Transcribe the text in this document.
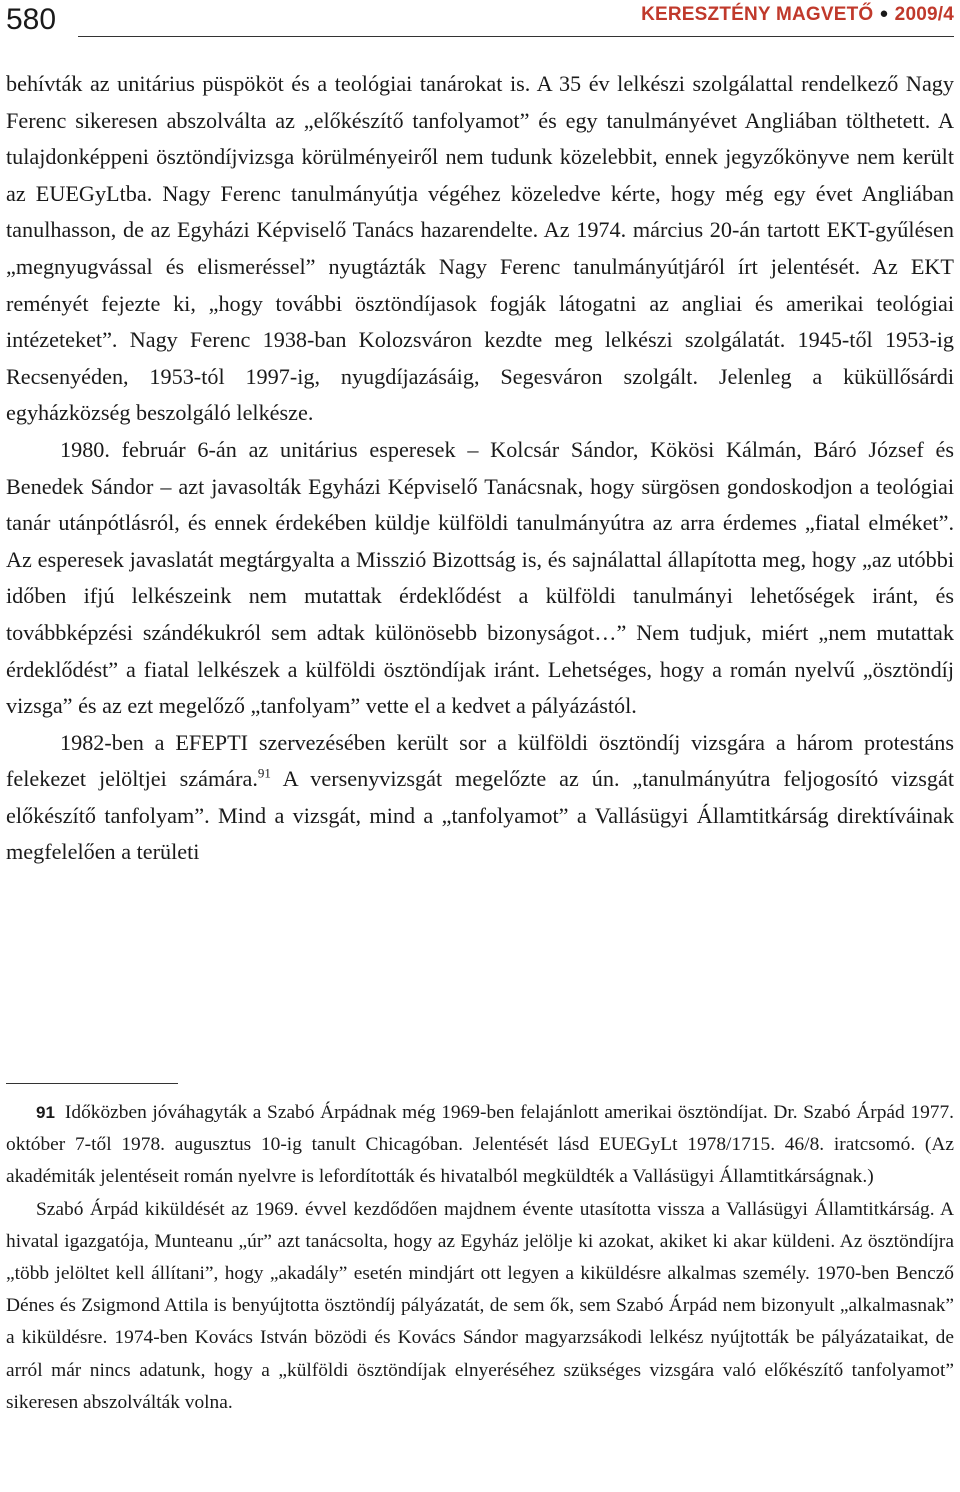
580	KERESZTÉNY MAGVETŐ ● 2009/4

behívták az unitárius püspököt és a teológiai tanárokat is. A 35 év lelkészi szolgálattal rendelkező Nagy Ferenc sikeresen abszolválta az „előkészítő tanfolyamot” és egy tanulmányévet Angliában tölthetett. A tulajdonképpeni ösztöndíjvizsga körülményeiről nem tudunk közelebbit, ennek jegyzőkönyve nem került az EUEGyLtba. Nagy Ferenc tanulmányútja végéhez közeledve kérte, hogy még egy évet Angliában tanulhasson, de az Egyházi Képviselő Tanács hazarendelte. Az 1974. március 20-án tartott EKT-gyűlésen „megnyugvással és elismeréssel” nyugtázták Nagy Ferenc tanulmányútjáról írt jelentését. Az EKT reményét fejezte ki, „hogy további ösztöndíjasok fogják látogatni az angliai és amerikai teológiai intézeteket”. Nagy Ferenc 1938-ban Kolozsváron kezdte meg lelkészi szolgálatát. 1945-től 1953-ig Recsenyéden, 1953-tól 1997-ig, nyugdíjazásáig, Segesváron szolgált. Jelenleg a küküllősárdi egyházközség beszolgáló lelkésze.

1980. február 6-án az unitárius esperesek – Kolcsár Sándor, Kökösi Kálmán, Báró József és Benedek Sándor – azt javasolták Egyházi Képviselő Tanácsnak, hogy sürgösen gondoskodjon a teológiai tanár utánpótlásról, és ennek érdekében küldje külföldi tanulmányútra az arra érdemes „fiatal elméket”. Az esperesek javaslatát megtárgyalta a Misszió Bizottság is, és sajnálattal állapította meg, hogy „az utóbbi időben ifjú lelkészeink nem mutattak érdeklődést a külföldi tanulmányi lehetőségek iránt, és továbbképzési szándékukról sem adtak különösebb bizonyságot…” Nem tudjuk, miért „nem mutattak érdeklődést” a fiatal lelkészek a külföldi ösztöndíjak iránt. Lehetséges, hogy a román nyelvű „ösztöndíj vizsga” és az ezt megelőző „tanfolyam” vette el a kedvet a pályázástól.

1982-ben a EFEPTI szervezésében került sor a külföldi ösztöndíj vizsgára a három protestáns felekezet jelöltjei számára.$^{91}$ A versenyvizsgát megelőzte az ún. „tanulmányútra feljogosító vizsgát előkészítő tanfolyam”. Mind a vizsgát, mind a „tanfolyamot” a Vallásügyi Államtitkárság direktíváinak megfelelően a területi

91 Időközben jóváhagyták a Szabó Árpádnak még 1969-ben felajánlott amerikai ösztöndíjat. Dr. Szabó Árpád 1977. október 7-től 1978. augusztus 10-ig tanult Chicagóban. Jelentését lásd EUEGyLt 1978/1715. 46/8. iratcsomó. (Az akadémiták jelentéseit román nyelvre is lefordították és hivatalból megküldték a Vallásügyi Államtitkárságnak.)

Szabó Árpád kiküldését az 1969. évvel kezdődően majdnem évente utasította vissza a Vallásügyi Államtitkárság. A hivatal igazgatója, Munteanu „úr” azt tanácsolta, hogy az Egyház jelölje ki azokat, akiket ki akar küldeni. Az ösztöndíjra „több jelöltet kell állítani”, hogy „akadály” esetén mindjárt ott legyen a kiküldésre alkalmas személy. 1970-ben Bencző Dénes és Zsigmond Attila is benyújtotta ösztöndíj pályázatát, de sem ők, sem Szabó Árpád nem bizonyult „alkalmasnak” a kiküldésre. 1974-ben Kovács István bözödi és Kovács Sándor magyarzsákodi lelkész nyújtották be pályázataikat, de arról már nincs adatunk, hogy a „külföldi ösztöndíjak elnyeréséhez szükséges vizsgára való előkészítő tanfolyamot” sikeresen abszolválták volna.
